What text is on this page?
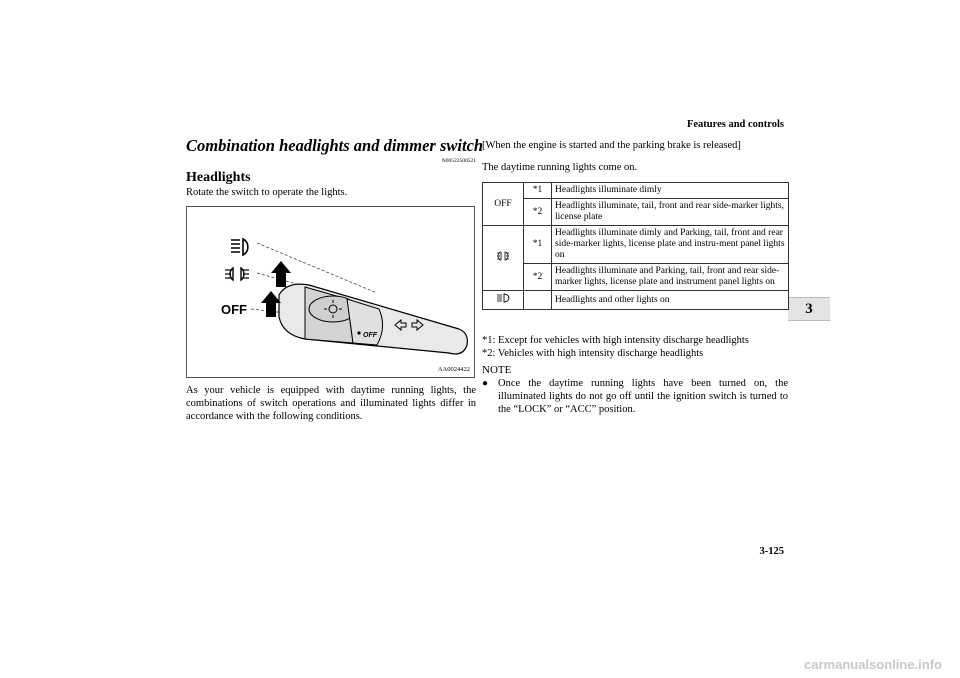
Features and controls
3
Combination headlights and dimmer switch
N00522500521
Headlights
Rotate the switch to operate the lights.
OFF
OFF
AA0024422
As your vehicle is equipped with daytime running lights, the combinations of switch operations and illuminated lights differ in accordance with the following conditions.
[When the engine is started and the parking brake is released]
The daytime running lights come on.
OFF	*1	Headlights illuminate dimly
	*2	Headlights illuminate, tail, front and rear side-marker lights, license plate
	*1	Headlights illuminate dimly and Parking, tail, front and rear side-marker lights, license plate and instru-ment panel lights on
	*2	Headlights illuminate and Parking, tail, front and rear side-marker lights, license plate and instrument panel lights on
		Headlights and other lights on
*1: Except for vehicles with high intensity discharge headlights
*2: Vehicles with high intensity discharge headlights
NOTE
● Once the daytime running lights have been turned on, the illuminated lights do not go off until the ignition switch is turned to the “LOCK” or “ACC” position.
3-125
carmanualsonline.info
